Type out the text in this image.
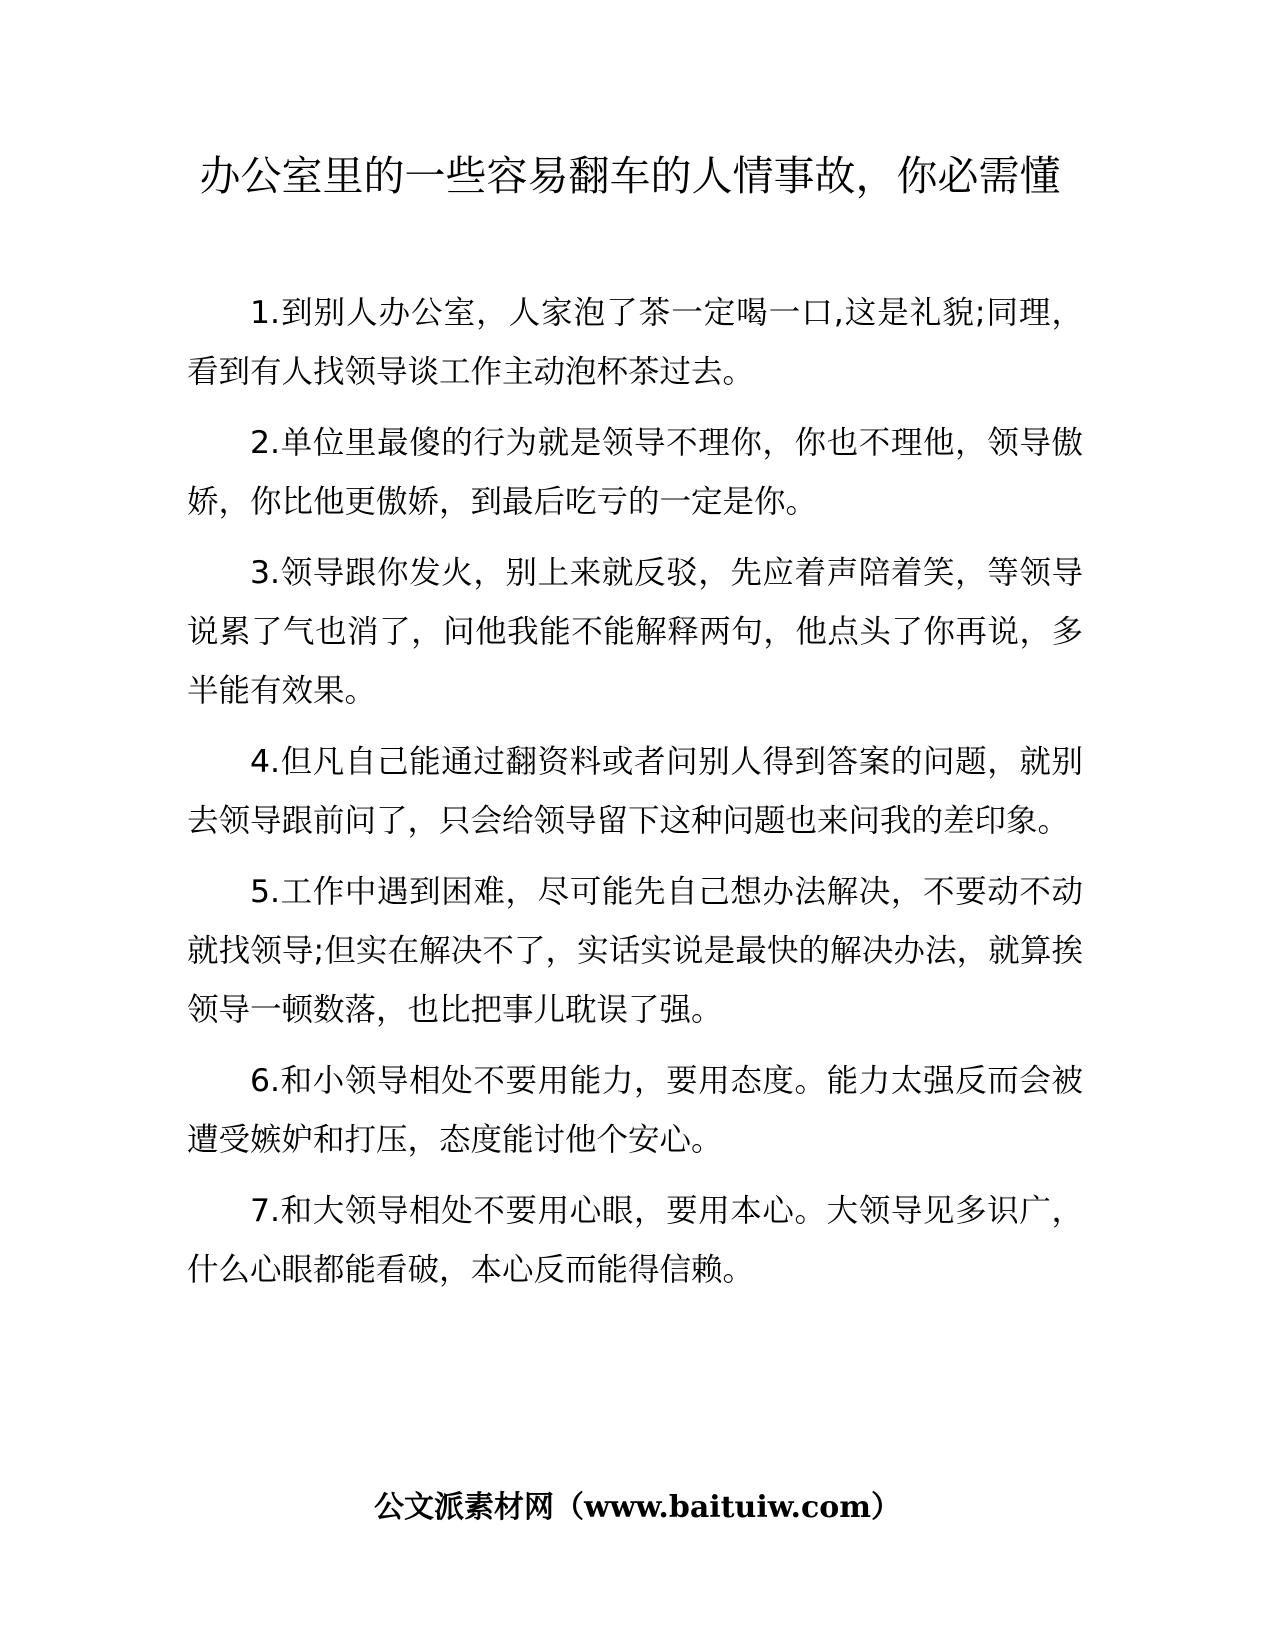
办公室里的一些容易翻车的人情事故，你必需懂

1.到别人办公室，人家泡了茶一定喝一口,这是礼貌;同理，看到有人找领导谈工作主动泡杯茶过去。

2.单位里最傻的行为就是领导不理你，你也不理他，领导傲娇，你比他更傲娇，到最后吃亏的一定是你。

3.领导跟你发火，别上来就反驳，先应着声陪着笑，等领导说累了气也消了，问他我能不能解释两句，他点头了你再说，多半能有效果。

4.但凡自己能通过翻资料或者问别人得到答案的问题，就别去领导跟前问了，只会给领导留下这种问题也来问我的差印象。

5.工作中遇到困难，尽可能先自己想办法解决，不要动不动就找领导;但实在解决不了，实话实说是最快的解决办法，就算挨领导一顿数落，也比把事儿耽误了强。

6.和小领导相处不要用能力，要用态度。能力太强反而会被遭受嫉妒和打压，态度能讨他个安心。

7.和大领导相处不要用心眼，要用本心。大领导见多识广，什么心眼都能看破，本心反而能得信赖。

公文派素材网（www.baituiw.com）
